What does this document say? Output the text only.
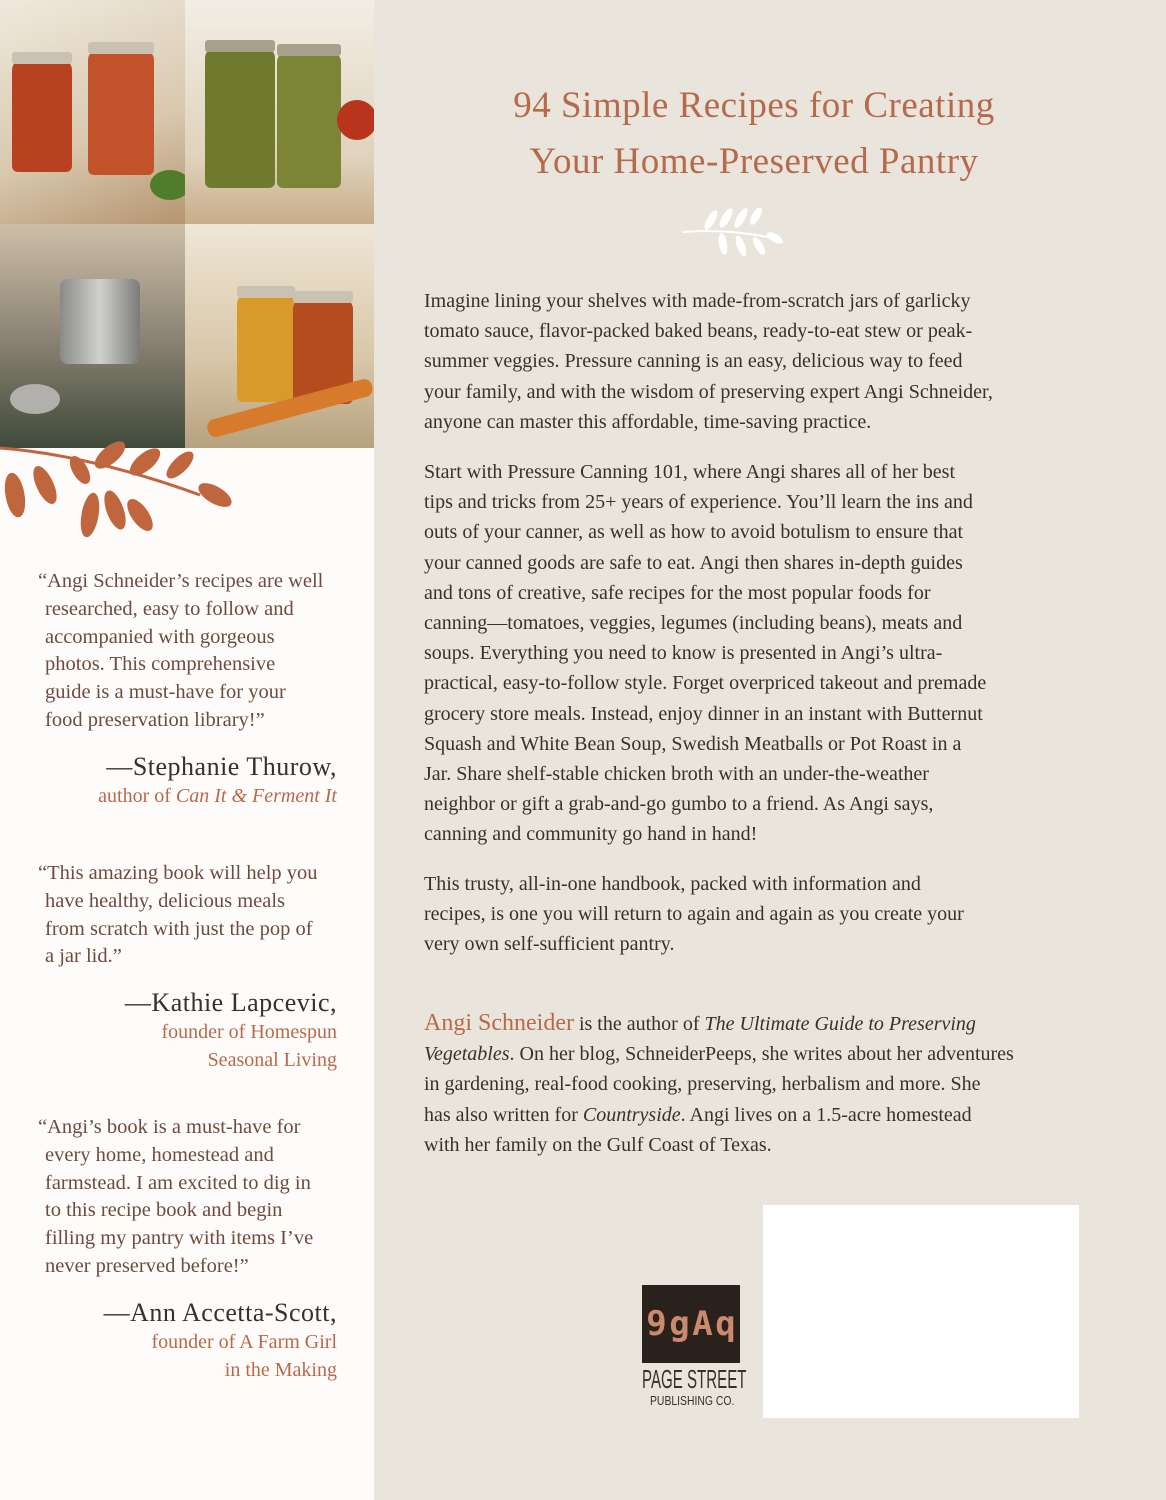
“Angi Schneider’s recipes are well
researched, easy to follow and
accompanied with gorgeous
photos. This comprehensive
guide is a must-have for your
food preservation library!”
—Stephanie Thurow,
author of Can It & Ferment It
“This amazing book will help you
have healthy, delicious meals
from scratch with just the pop of
a jar lid.”
—Kathie Lapcevic,
founder of Homespun
Seasonal Living
“Angi’s book is a must-have for
every home, homestead and
farmstead. I am excited to dig in
to this recipe book and begin
filling my pantry with items I’ve
never preserved before!”
—Ann Accetta-Scott,
founder of A Farm Girl
in the Making
94 Simple Recipes for Creating
Your Home-Preserved Pantry
Imagine lining your shelves with made-from-scratch jars of garlicky
tomato sauce, flavor-packed baked beans, ready-to-eat stew or peak-
summer veggies. Pressure canning is an easy, delicious way to feed
your family, and with the wisdom of preserving expert Angi Schneider,
anyone can master this affordable, time-saving practice.
Start with Pressure Canning 101, where Angi shares all of her best
tips and tricks from 25+ years of experience. You’ll learn the ins and
outs of your canner, as well as how to avoid botulism to ensure that
your canned goods are safe to eat. Angi then shares in-depth guides
and tons of creative, safe recipes for the most popular foods for
canning—tomatoes, veggies, legumes (including beans), meats and
soups. Everything you need to know is presented in Angi’s ultra-
practical, easy-to-follow style. Forget overpriced takeout and premade
grocery store meals. Instead, enjoy dinner in an instant with Butternut
Squash and White Bean Soup, Swedish Meatballs or Pot Roast in a
Jar. Share shelf-stable chicken broth with an under-the-weather
neighbor or gift a grab-and-go gumbo to a friend. As Angi says,
canning and community go hand in hand!
This trusty, all-in-one handbook, packed with information and
recipes, is one you will return to again and again as you create your
very own self-sufficient pantry.
Angi Schneider is the author of The Ultimate Guide to Preserving
Vegetables. On her blog, SchneiderPeeps, she writes about her adventures
in gardening, real-food cooking, preserving, herbalism and more. She
has also written for Countryside. Angi lives on a 1.5-acre homestead
with her family on the Gulf Coast of Texas.
9 g A q
PAGE STREET
PUBLISHING CO.
